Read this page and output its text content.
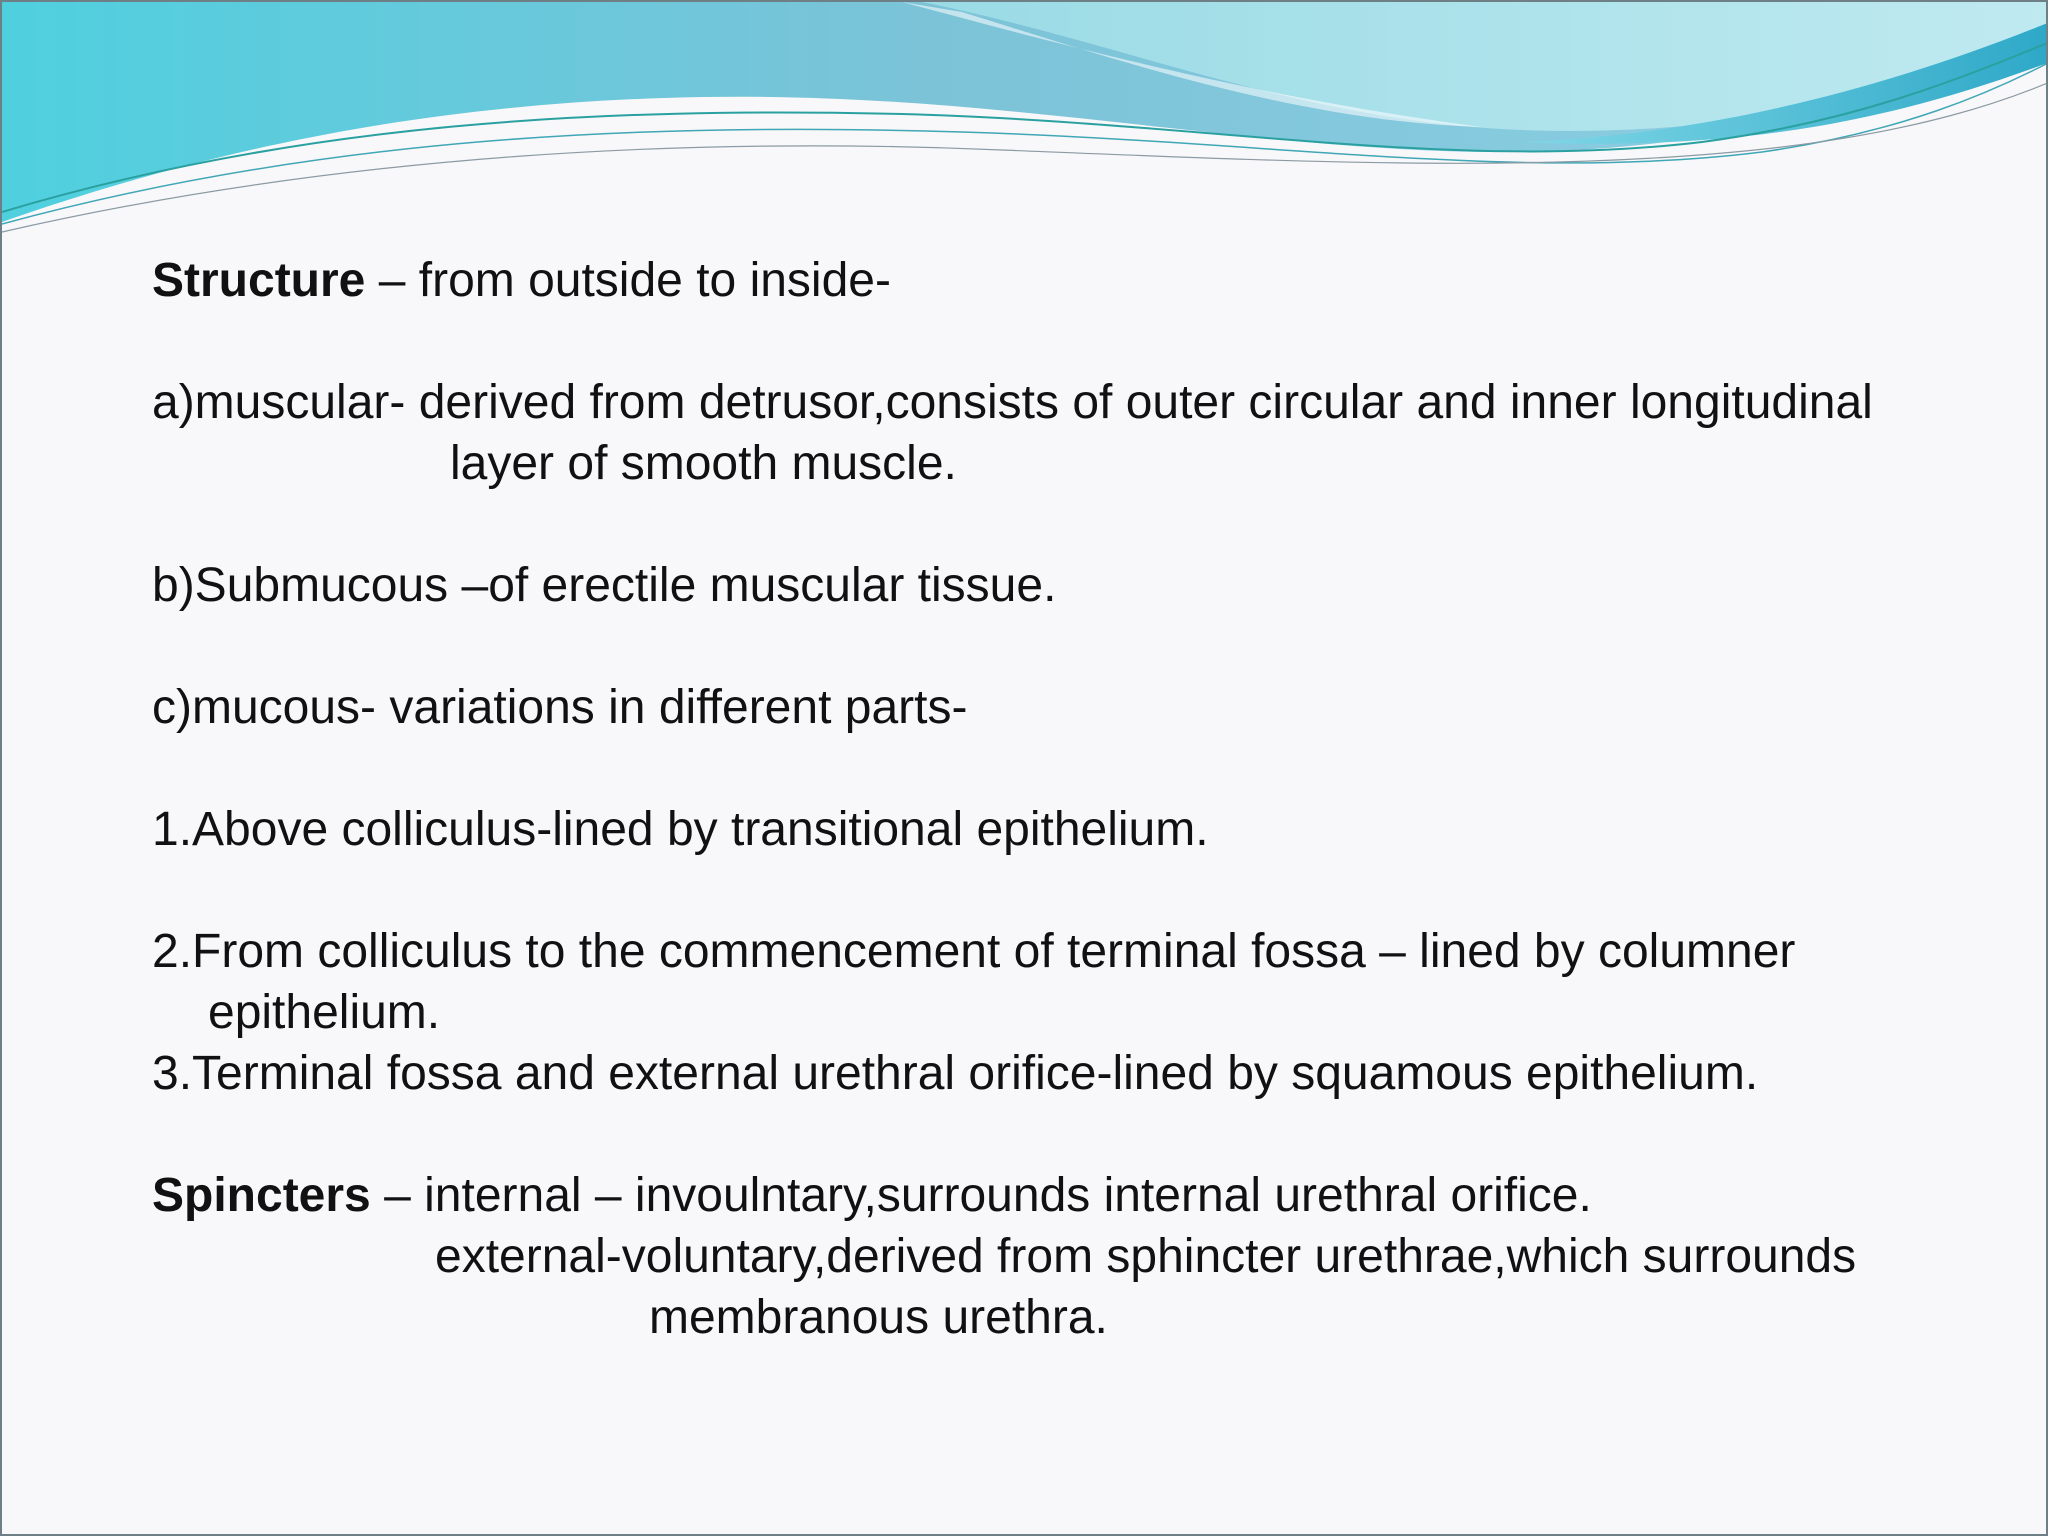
Structure – from outside to inside-
a)muscular- derived from detrusor,consists of outer circular and inner longitudinal
layer of smooth muscle.
b)Submucous –of erectile muscular tissue.
c)mucous- variations in different parts-
1.Above colliculus-lined by transitional epithelium.
2.From colliculus to the commencement of terminal fossa – lined by columner
epithelium.
3.Terminal fossa and external urethral orifice-lined by squamous epithelium.
Spincters – internal – invoulntary,surrounds internal urethral orifice.
external-voluntary,derived from sphincter urethrae,which surrounds
membranous urethra.
